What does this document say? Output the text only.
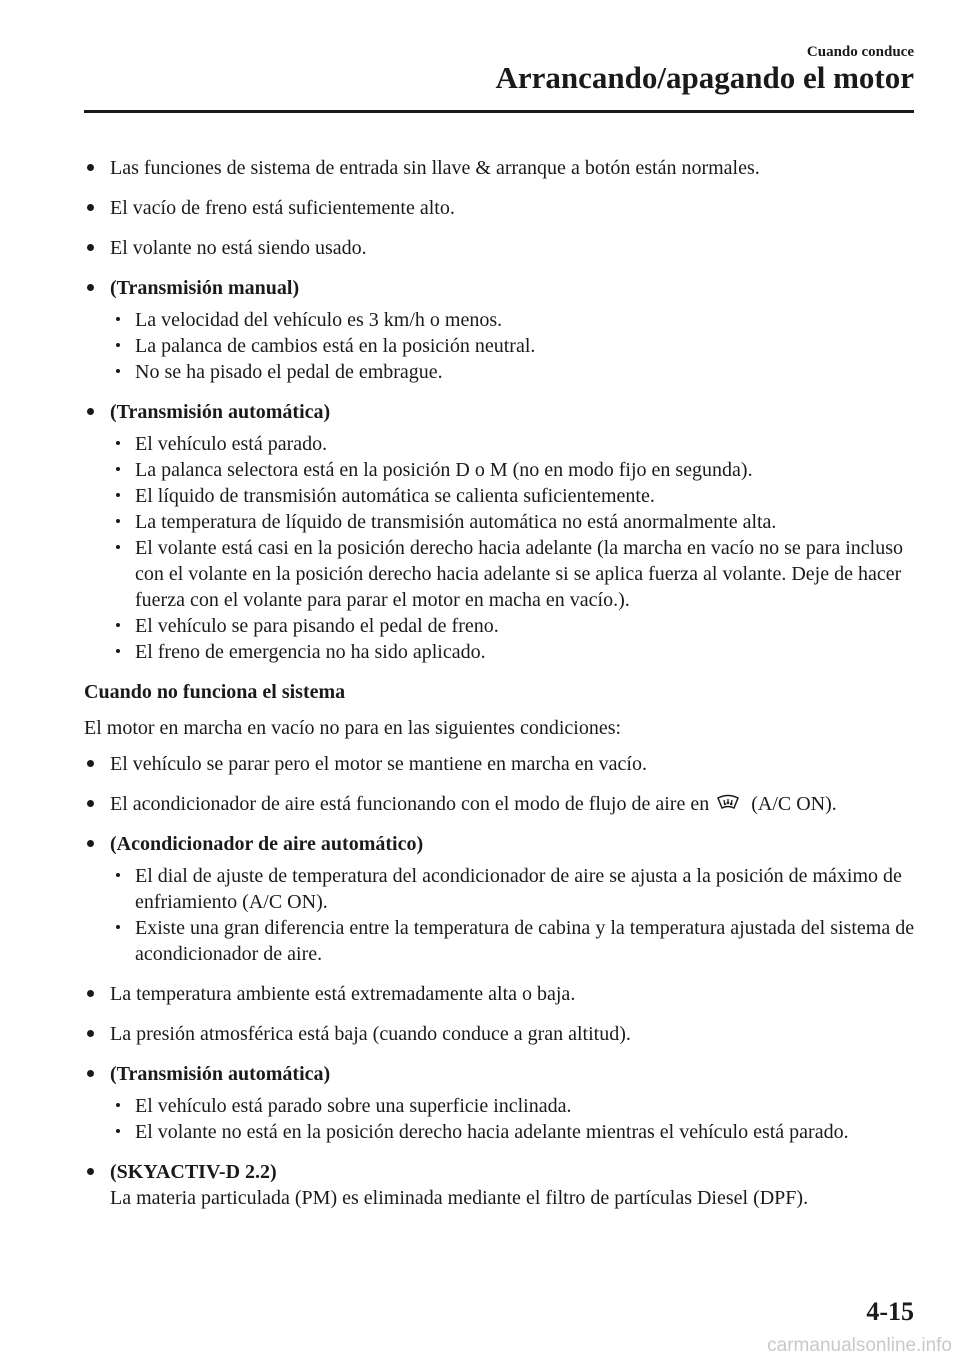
Cuando conduce
Arrancando/apagando el motor
Las funciones de sistema de entrada sin llave & arranque a botón están normales.
El vacío de freno está suficientemente alto.
El volante no está siendo usado.
(Transmisión manual)
La velocidad del vehículo es 3 km/h o menos.
La palanca de cambios está en la posición neutral.
No se ha pisado el pedal de embrague.
(Transmisión automática)
El vehículo está parado.
La palanca selectora está en la posición D o M (no en modo fijo en segunda).
El líquido de transmisión automática se calienta suficientemente.
La temperatura de líquido de transmisión automática no está anormalmente alta.
El volante está casi en la posición derecho hacia adelante (la marcha en vacío no se para incluso con el volante en la posición derecho hacia adelante si se aplica fuerza al volante. Deje de hacer fuerza con el volante para parar el motor en macha en vacío.).
El vehículo se para pisando el pedal de freno.
El freno de emergencia no ha sido aplicado.
Cuando no funciona el sistema
El motor en marcha en vacío no para en las siguientes condiciones:
El vehículo se parar pero el motor se mantiene en marcha en vacío.
El acondicionador de aire está funcionando con el modo de flujo de aire en (A/C ON).
(Acondicionador de aire automático)
El dial de ajuste de temperatura del acondicionador de aire se ajusta a la posición de máximo de enfriamiento (A/C ON).
Existe una gran diferencia entre la temperatura de cabina y la temperatura ajustada del sistema de acondicionador de aire.
La temperatura ambiente está extremadamente alta o baja.
La presión atmosférica está baja (cuando conduce a gran altitud).
(Transmisión automática)
El vehículo está parado sobre una superficie inclinada.
El volante no está en la posición derecho hacia adelante mientras el vehículo está parado.
(SKYACTIV-D 2.2)
La materia particulada (PM) es eliminada mediante el filtro de partículas Diesel (DPF).
4-15
carmanualsonline.info
